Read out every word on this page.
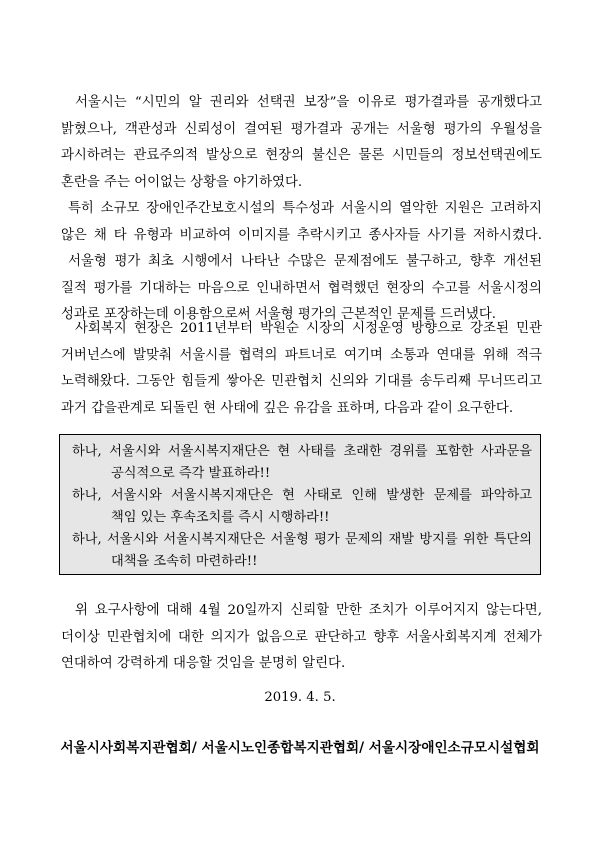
서울시는 “시민의 알 권리와 선택권 보장”을 이유로 평가결과를 공개했다고
밝혔으나, 객관성과 신뢰성이 결여된 평가결과 공개는 서울형 평가의 우월성을
과시하려는 관료주의적 발상으로 현장의 불신은 물론 시민들의 정보선택권에도
혼란을 주는 어이없는 상황을 야기하였다.
특히 소규모 장애인주간보호시설의 특수성과 서울시의 열악한 지원은 고려하지
않은 채 타 유형과 비교하여 이미지를 추락시키고 종사자들 사기를 저하시켰다.
서울형 평가 최초 시행에서 나타난 수많은 문제점에도 불구하고, 향후 개선된
질적 평가를 기대하는 마음으로 인내하면서 협력했던 현장의 수고를 서울시정의
성과로 포장하는데 이용함으로써 서울형 평가의 근본적인 문제를 드러냈다.
사회복지 현장은 2011년부터 박원순 시장의 시정운영 방향으로 강조된 민관
거버넌스에 발맞춰 서울시를 협력의 파트너로 여기며 소통과 연대를 위해 적극
노력해왔다. 그동안 힘들게 쌓아온 민관협치 신의와 기대를 송두리째 무너뜨리고
과거 갑을관계로 되돌린 현 사태에 깊은 유감을 표하며, 다음과 같이 요구한다.
하나, 서울시와 서울시복지재단은 현 사태를 초래한 경위를 포함한 사과문을
공식적으로 즉각 발표하라!!
하나, 서울시와 서울시복지재단은 현 사태로 인해 발생한 문제를 파악하고
책임 있는 후속조치를 즉시 시행하라!!
하나, 서울시와 서울시복지재단은 서울형 평가 문제의 재발 방지를 위한 특단의
대책을 조속히 마련하라!!
위 요구사항에 대해 4월 20일까지 신뢰할 만한 조치가 이루어지지 않는다면,
더이상 민관협치에 대한 의지가 없음으로 판단하고 향후 서울사회복지계 전체가
연대하여 강력하게 대응할 것임을 분명히 알린다.
2019. 4. 5.
서울시사회복지관협회/ 서울시노인종합복지관협회/ 서울시장애인소규모시설협회
